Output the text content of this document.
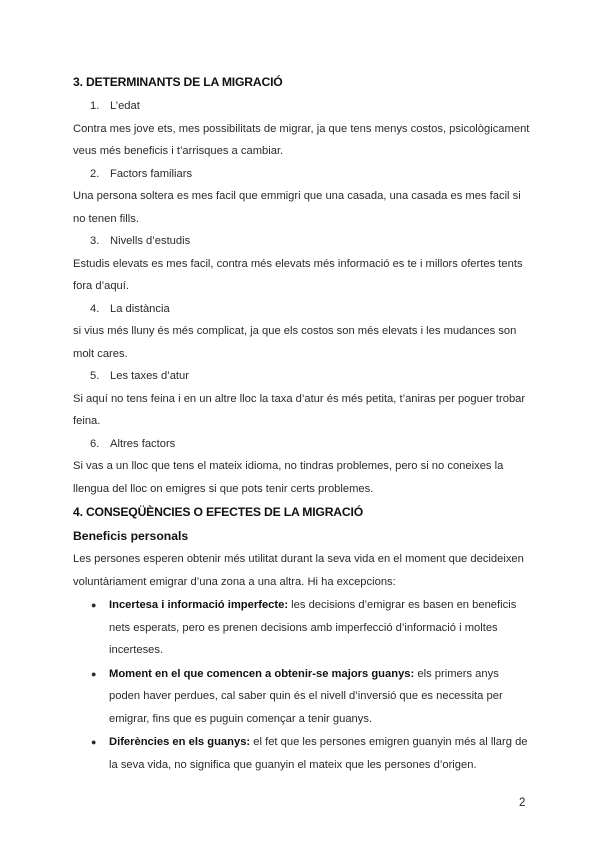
3. DETERMINANTS DE LA MIGRACIÓ
1. L’edat
Contra mes jove ets, mes possibilitats de migrar, ja que tens menys costos, psicològicament veus més beneficis i t’arrisques a cambiar.
2. Factors familiars
Una persona soltera es mes facil que emmigri que una casada, una casada es mes facil si no tenen fills.
3. Nivells d’estudis
Estudis elevats es mes facil, contra més elevats més informació es te i millors ofertes tents fora d’aquí.
4. La distància
si vius més lluny és més complicat, ja que els costos son més elevats i les mudances son molt cares.
5. Les taxes d’atur
Si aquí no tens feina i en un altre lloc la taxa d’atur és més petita, t’aniras per poguer trobar feina.
6. Altres factors
Si vas a un lloc que tens el mateix idioma, no tindras problemes, pero si no coneixes la llengua del lloc on emigres si que pots tenir certs problemes.
4. CONSEQÜÈNCIES O EFECTES DE LA MIGRACIÓ
Beneficis personals
Les persones esperen obtenir més utilitat durant la seva vida en el moment que decideixen voluntàriament emigrar d’una zona a una altra. Hi ha excepcions:
●	Incertesa i informació imperfecte: les decisions d’emigrar es basen en beneficis nets esperats, pero es prenen decisions amb imperfecció d’informació i moltes incerteses.
●	Moment en el que comencen a obtenir-se majors guanys: els primers anys poden haver perdues, cal saber quin és el nivell d’inversió que es necessita per emigrar, fins que es puguin començar a tenir guanys.
●	Diferències en els guanys: el fet que les persones emigren guanyin més al llarg de la seva vida, no significa que guanyin el mateix que les persones d’origen.
2
